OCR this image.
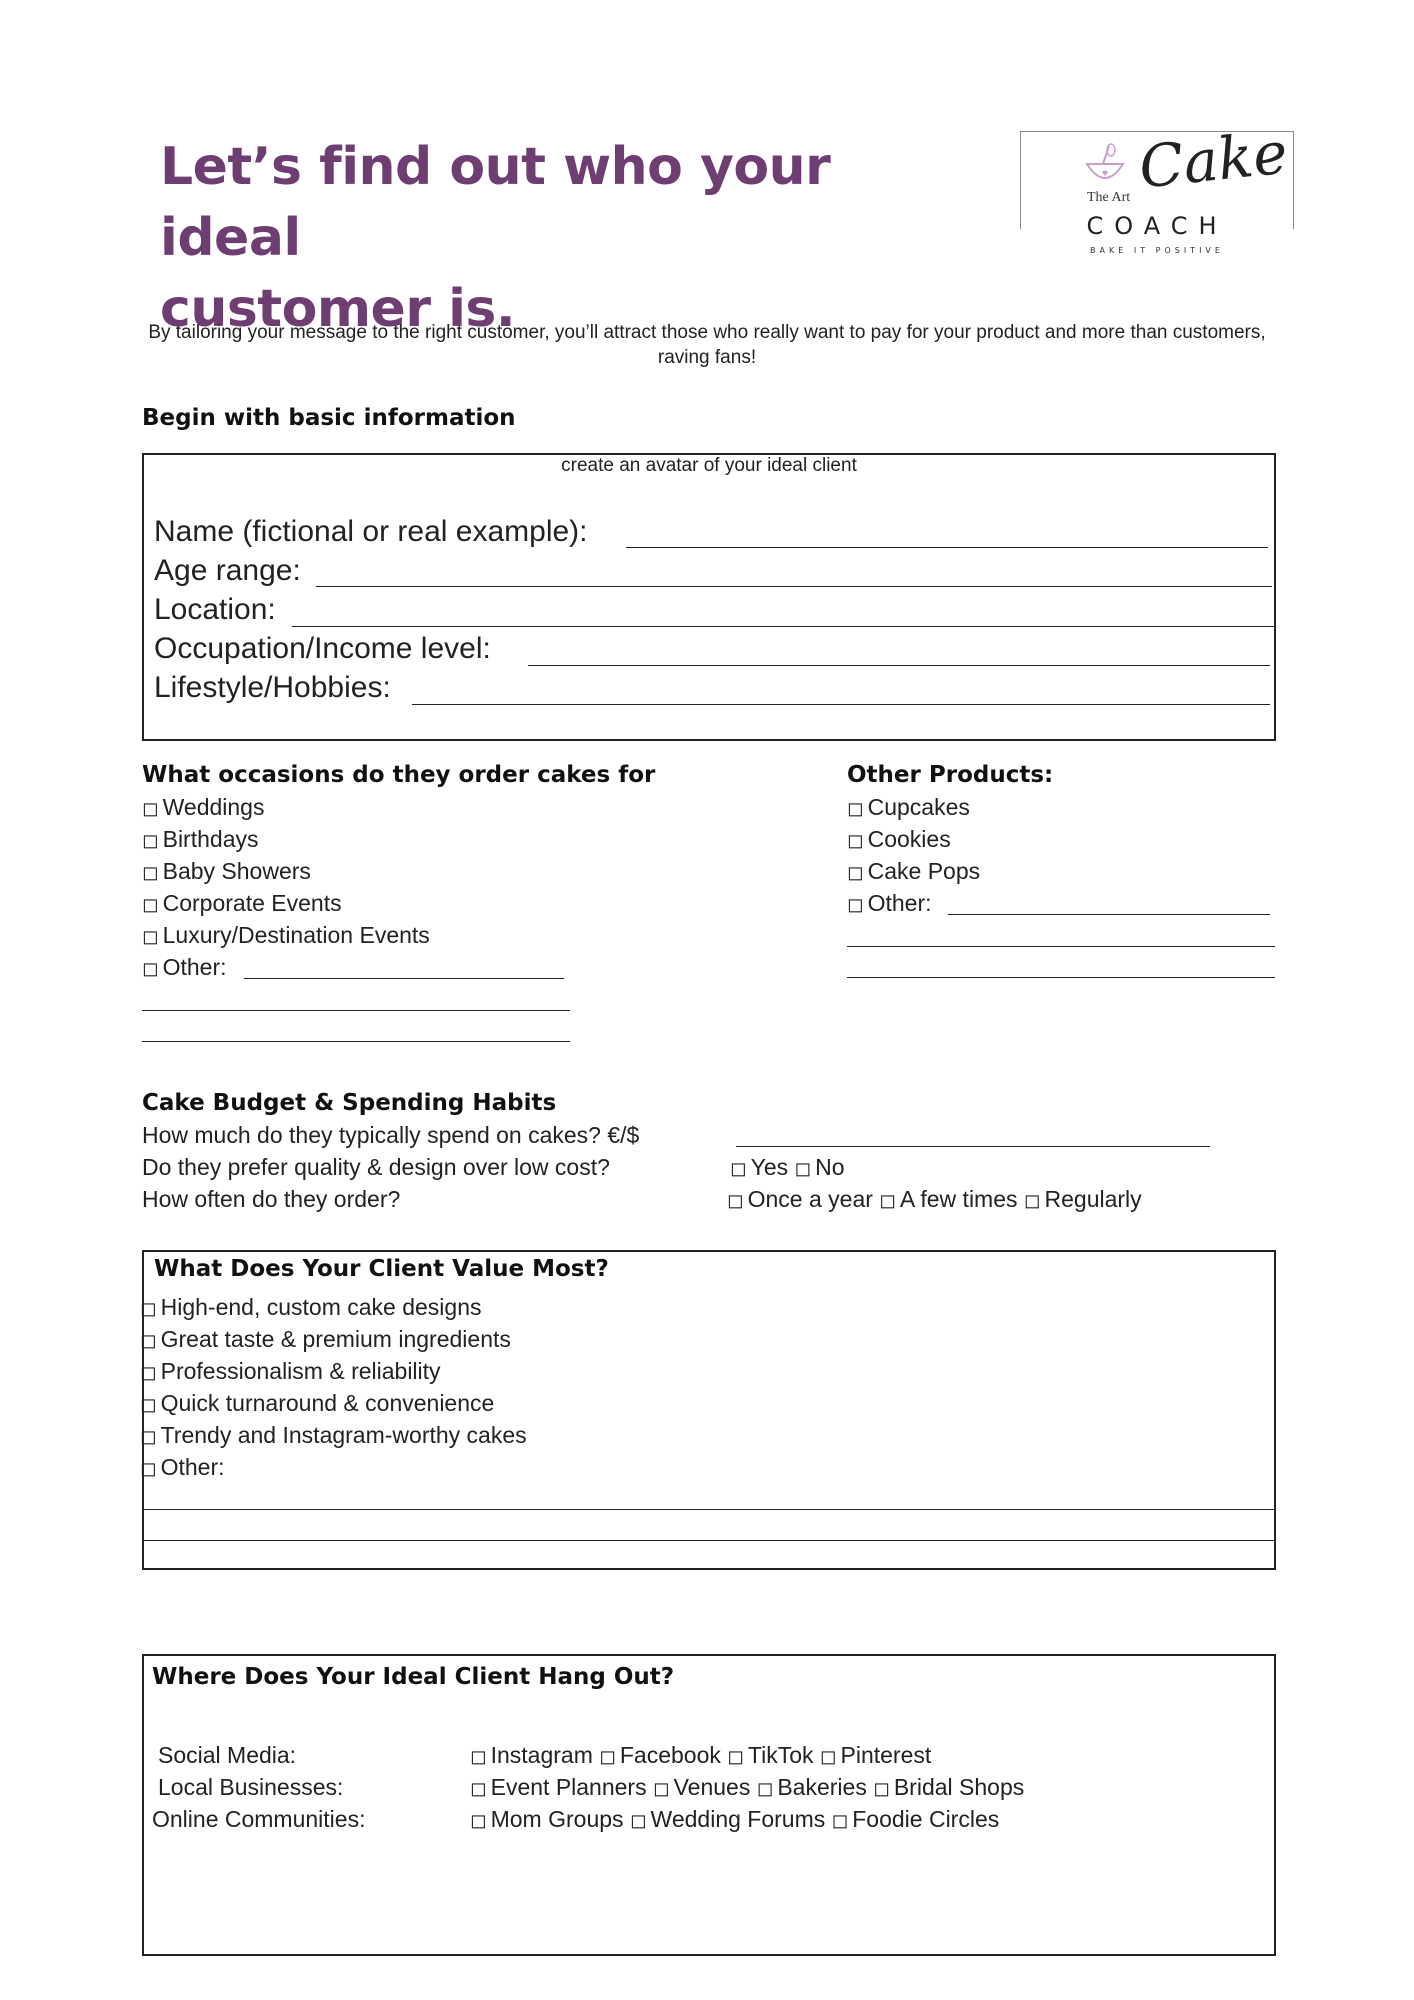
Let’s find out who your ideal
customer is.
The Art Cake
COACH
BAKE IT POSITIVE
By tailoring your message to the right customer, you’ll attract those who really want to pay for your product and more than customers, raving fans!
Begin with basic information
create an avatar of your ideal client
Name (fictional or real example):
Age range:
Location:
Occupation/Income level:
Lifestyle/Hobbies:
What occasions do they order cakes for
◻ Weddings
◻ Birthdays
◻ Baby Showers
◻ Corporate Events
◻ Luxury/Destination Events
◻ Other:
Other Products:
◻ Cupcakes
◻ Cookies
◻ Cake Pops
◻ Other:
Cake Budget & Spending Habits
How much do they typically spend on cakes? €/$
Do they prefer quality & design over low cost?	◻ Yes ◻ No
How often do they order?	◻ Once a year ◻ A few times ◻ Regularly
What Does Your Client Value Most?
◻ High-end, custom cake designs
◻ Great taste & premium ingredients
◻ Professionalism & reliability
◻ Quick turnaround & convenience
◻ Trendy and Instagram-worthy cakes
◻ Other:
Where Does Your Ideal Client Hang Out?
Social Media:	◻ Instagram ◻ Facebook ◻ TikTok ◻ Pinterest
Local Businesses:	◻ Event Planners ◻ Venues ◻ Bakeries ◻ Bridal Shops
Online Communities:	◻ Mom Groups ◻ Wedding Forums ◻ Foodie Circles
